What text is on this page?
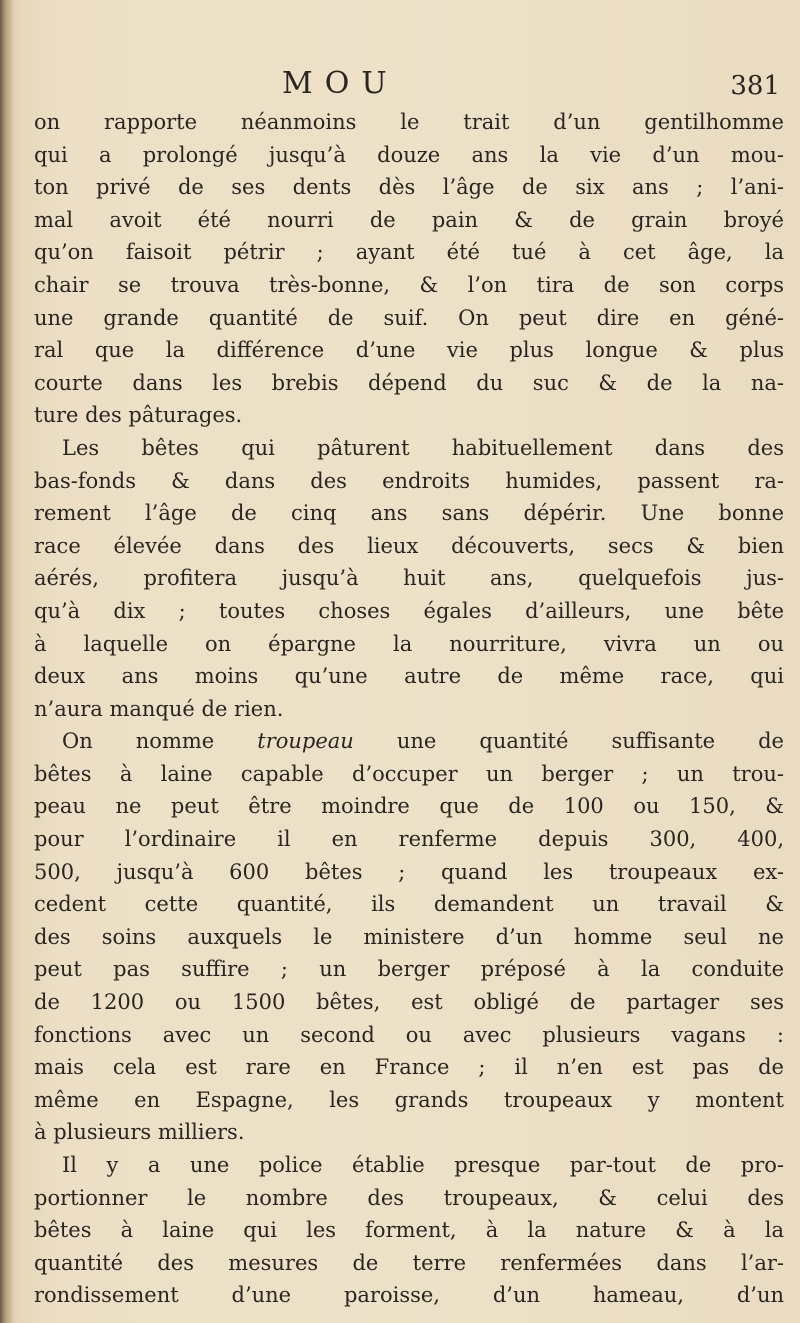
MOU	381
on rapporte néanmoins le trait d’un gentilhomme
qui a prolongé jusqu’à douze ans la vie d’un mou-
ton privé de ses dents dès l’âge de six ans ; l’ani-
mal avoit été nourri de pain & de grain broyé
qu’on faisoit pétrir ; ayant été tué à cet âge, la
chair se trouva très-bonne, & l’on tira de son corps
une grande quantité de suif. On peut dire en géné-
ral que la différence d’une vie plus longue & plus
courte dans les brebis dépend du suc & de la na-
ture des pâturages.
Les bêtes qui pâturent habituellement dans des
bas-fonds & dans des endroits humides, passent ra-
rement l’âge de cinq ans sans dépérir. Une bonne
race élevée dans des lieux découverts, secs & bien
aérés, profitera jusqu’à huit ans, quelquefois jus-
qu’à dix ; toutes choses égales d’ailleurs, une bête
à laquelle on épargne la nourriture, vivra un ou
deux ans moins qu’une autre de même race, qui
n’aura manqué de rien.
On nomme troupeau une quantité suffisante de
bêtes à laine capable d’occuper un berger ; un trou-
peau ne peut être moindre que de 100 ou 150, &
pour l’ordinaire il en renferme depuis 300, 400,
500, jusqu’à 600 bêtes ; quand les troupeaux ex-
cedent cette quantité, ils demandent un travail &
des soins auxquels le ministere d’un homme seul ne
peut pas suffire ; un berger préposé à la conduite
de 1200 ou 1500 bêtes, est obligé de partager ses
fonctions avec un second ou avec plusieurs vagans :
mais cela est rare en France ; il n’en est pas de
même en Espagne, les grands troupeaux y montent
à plusieurs milliers.
Il y a une police établie presque par-tout de pro-
portionner le nombre des troupeaux, & celui des
bêtes à laine qui les forment, à la nature & à la
quantité des mesures de terre renfermées dans l’ar-
rondissement d’une paroisse, d’un hameau, d’un
